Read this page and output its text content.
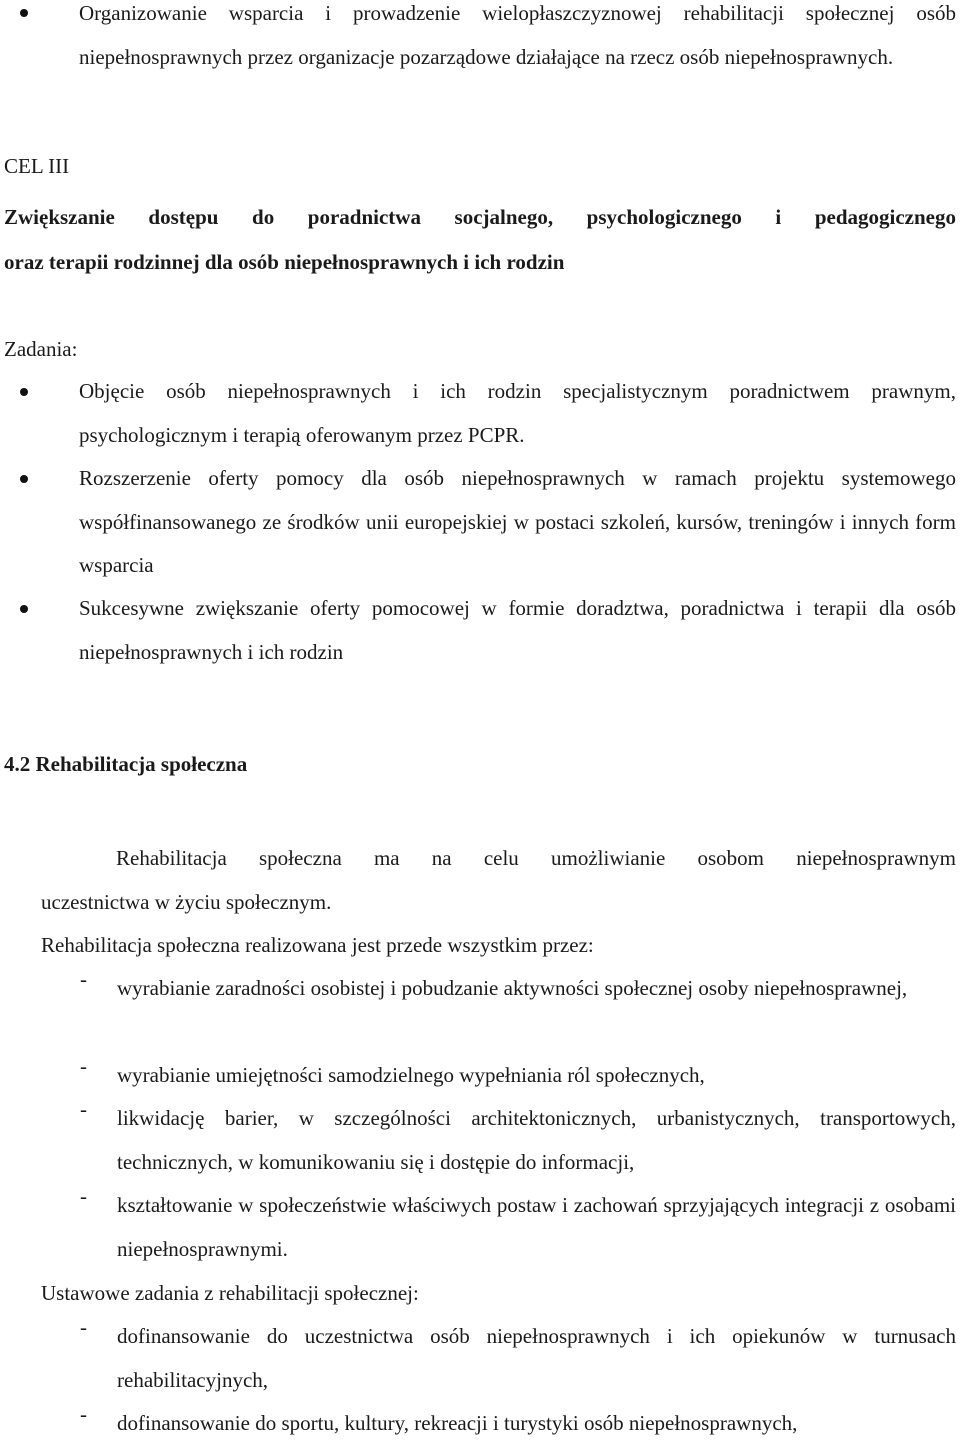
Organizowanie wsparcia i prowadzenie wielopłaszczyznowej rehabilitacji społecznej osób niepełnosprawnych przez organizacje pozarządowe działające na rzecz osób niepełnosprawnych.
CEL III
Zwiększanie dostępu do poradnictwa socjalnego, psychologicznego i pedagogicznego
oraz terapii rodzinnej dla osób niepełnosprawnych i ich rodzin
Zadania:
Objęcie osób niepełnosprawnych i ich rodzin specjalistycznym poradnictwem prawnym, psychologicznym i terapią oferowanym przez PCPR.
Rozszerzenie oferty pomocy dla osób niepełnosprawnych w ramach projektu systemowego współfinansowanego ze środków unii europejskiej w postaci szkoleń, kursów, treningów i innych form wsparcia
Sukcesywne zwiększanie oferty pomocowej w formie doradztwa, poradnictwa i terapii dla osób niepełnosprawnych i ich rodzin
4.2 Rehabilitacja społeczna
Rehabilitacja społeczna ma na celu umożliwianie osobom niepełnosprawnym
uczestnictwa w życiu społecznym.
Rehabilitacja społeczna realizowana jest przede wszystkim przez:
- wyrabianie zaradności osobistej i pobudzanie aktywności społecznej osoby niepełnosprawnej,
- wyrabianie umiejętności samodzielnego wypełniania ról społecznych,
- likwidację barier, w szczególności architektonicznych, urbanistycznych, transportowych, technicznych, w komunikowaniu się i dostępie do informacji,
- kształtowanie w społeczeństwie właściwych postaw i zachowań sprzyjających integracji z osobami niepełnosprawnymi.
Ustawowe zadania z rehabilitacji społecznej:
- dofinansowanie do uczestnictwa osób niepełnosprawnych i ich opiekunów w turnusach rehabilitacyjnych,
- dofinansowanie do sportu, kultury, rekreacji i turystyki osób niepełnosprawnych,
